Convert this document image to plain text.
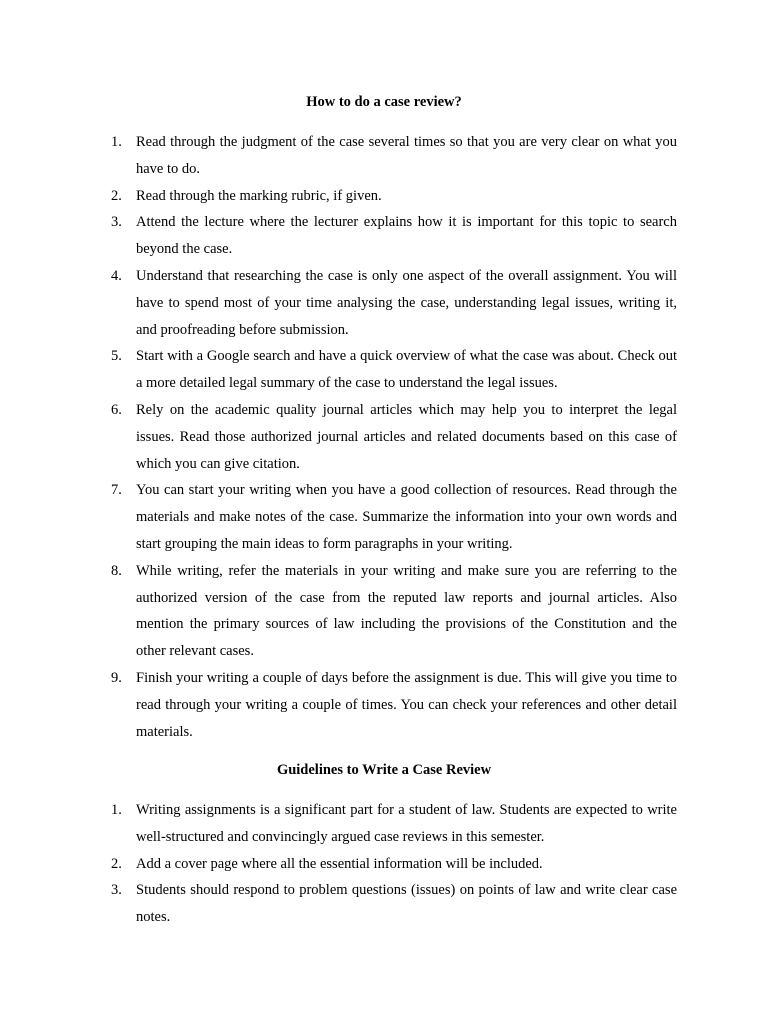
How to do a case review?
1. Read through the judgment of the case several times so that you are very clear on what you have to do.
2. Read through the marking rubric, if given.
3. Attend the lecture where the lecturer explains how it is important for this topic to search beyond the case.
4. Understand that researching the case is only one aspect of the overall assignment. You will have to spend most of your time analysing the case, understanding legal issues, writing it, and proofreading before submission.
5. Start with a Google search and have a quick overview of what the case was about. Check out a more detailed legal summary of the case to understand the legal issues.
6. Rely on the academic quality journal articles which may help you to interpret the legal issues. Read those authorized journal articles and related documents based on this case of which you can give citation.
7. You can start your writing when you have a good collection of resources. Read through the materials and make notes of the case. Summarize the information into your own words and start grouping the main ideas to form paragraphs in your writing.
8. While writing, refer the materials in your writing and make sure you are referring to the authorized version of the case from the reputed law reports and journal articles. Also mention the primary sources of law including the provisions of the Constitution and the other relevant cases.
9. Finish your writing a couple of days before the assignment is due. This will give you time to read through your writing a couple of times. You can check your references and other detail materials.
Guidelines to Write a Case Review
1. Writing assignments is a significant part for a student of law. Students are expected to write well-structured and convincingly argued case reviews in this semester.
2. Add a cover page where all the essential information will be included.
3. Students should respond to problem questions (issues) on points of law and write clear case notes.
